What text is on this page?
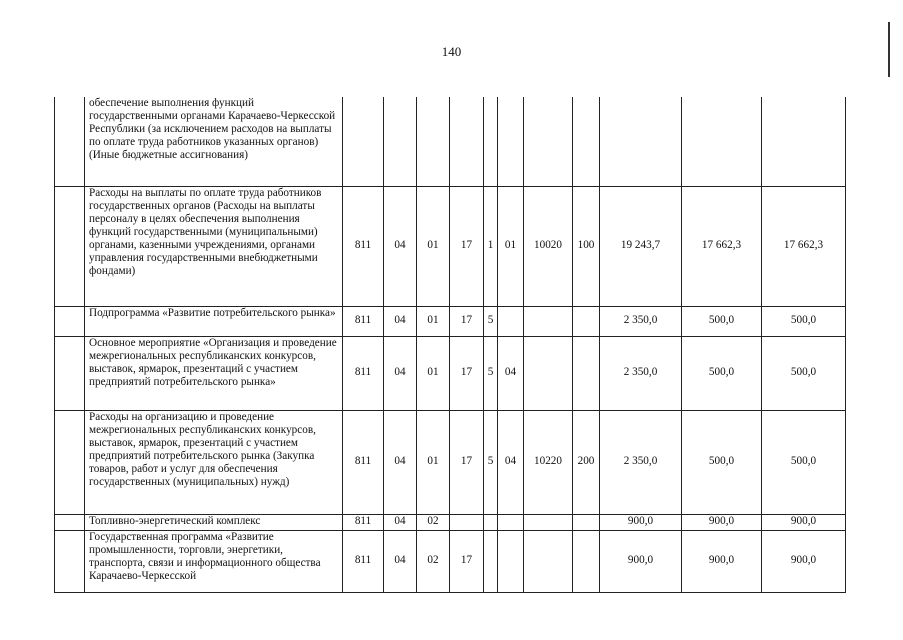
140
	обеспечение выполнения функций государственными органами Карачаево-Черкесской Республики (за исключением расходов на выплаты по оплате труда работников указанных органов) (Иные бюджетные ассигнования)											
	Расходы на выплаты по оплате труда работников государственных органов (Расходы на выплаты персоналу в целях обеспечения выполнения функций государственными (муниципальными) органами, казенными учреждениями, органами управления государственными внебюджетными фондами)	811	04	01	17	1	01	10020	100	19 243,7	17 662,3	17 662,3
	Подпрограмма «Развитие потребительского рынка»	811	04	01	17	5				2 350,0	500,0	500,0
	Основное мероприятие «Организация и проведение межрегиональных республиканских конкурсов, выставок, ярмарок, презентаций с участием предприятий потребительского рынка»	811	04	01	17	5	04			2 350,0	500,0	500,0
	Расходы на организацию и проведение межрегиональных республиканских конкурсов, выставок, ярмарок, презентаций с участием предприятий потребительского рынка (Закупка товаров, работ и услуг для обеспечения государственных (муниципальных) нужд)	811	04	01	17	5	04	10220	200	2 350,0	500,0	500,0
	Топливно-энергетический комплекс	811	04	02						900,0	900,0	900,0
	Государственная программа «Развитие промышленности, торговли, энергетики, транспорта, связи и информационного общества Карачаево-Черкесской	811	04	02	17					900,0	900,0	900,0
